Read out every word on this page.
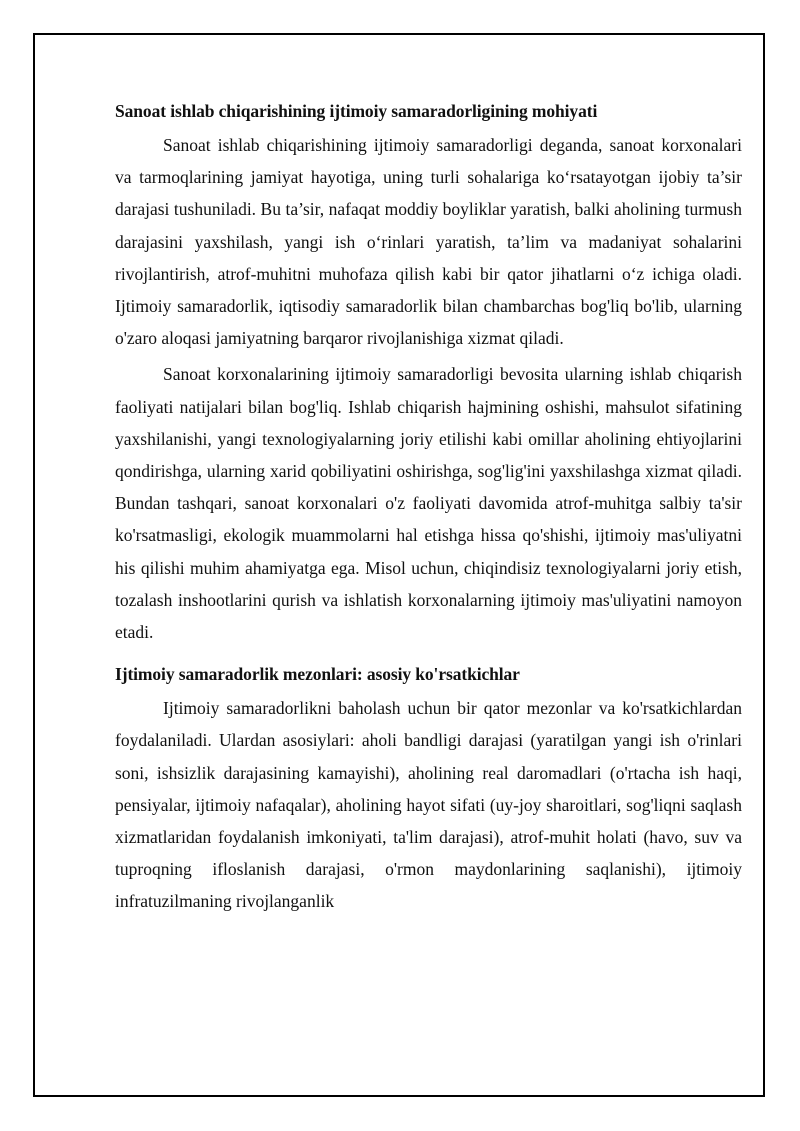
Sanoat ishlab chiqarishining ijtimoiy samaradorligining mohiyati

Sanoat ishlab chiqarishining ijtimoiy samaradorligi deganda, sanoat korxonalari va tarmoqlarining jamiyat hayotiga, uning turli sohalariga ko‘rsatayotgan ijobiy ta’sir darajasi tushuniladi. Bu ta’sir, nafaqat moddiy boyliklar yaratish, balki aholining turmush darajasini yaxshilash, yangi ish o‘rinlari yaratish, ta’lim va madaniyat sohalarini rivojlantirish, atrof-muhitni muhofaza qilish kabi bir qator jihatlarni o‘z ichiga oladi. Ijtimoiy samaradorlik, iqtisodiy samaradorlik bilan chambarchas bog'liq bo'lib, ularning o'zaro aloqasi jamiyatning barqaror rivojlanishiga xizmat qiladi.

Sanoat korxonalarining ijtimoiy samaradorligi bevosita ularning ishlab chiqarish faoliyati natijalari bilan bog'liq. Ishlab chiqarish hajmining oshishi, mahsulot sifatining yaxshilanishi, yangi texnologiyalarning joriy etilishi kabi omillar aholining ehtiyojlarini qondirishga, ularning xarid qobiliyatini oshirishga, sog'lig'ini yaxshilashga xizmat qiladi. Bundan tashqari, sanoat korxonalari o'z faoliyati davomida atrof-muhitga salbiy ta'sir ko'rsatmasligi, ekologik muammolarni hal etishga hissa qo'shishi, ijtimoiy mas'uliyatni his qilishi muhim ahamiyatga ega. Misol uchun, chiqindisiz texnologiyalarni joriy etish, tozalash inshootlarini qurish va ishlatish korxonalarning ijtimoiy mas'uliyatini namoyon etadi.

Ijtimoiy samaradorlik mezonlari: asosiy ko'rsatkichlar

Ijtimoiy samaradorlikni baholash uchun bir qator mezonlar va ko'rsatkichlardan foydalaniladi. Ulardan asosiylari: aholi bandligi darajasi (yaratilgan yangi ish o'rinlari soni, ishsizlik darajasining kamayishi), aholining real daromadlari (o'rtacha ish haqi, pensiyalar, ijtimoiy nafaqalar), aholining hayot sifati (uy-joy sharoitlari, sog'liqni saqlash xizmatlaridan foydalanish imkoniyati, ta'lim darajasi), atrof-muhit holati (havo, suv va tuproqning ifloslanish darajasi, o'rmon maydonlarining saqlanishi), ijtimoiy infratuzilmaning rivojlanganlik
